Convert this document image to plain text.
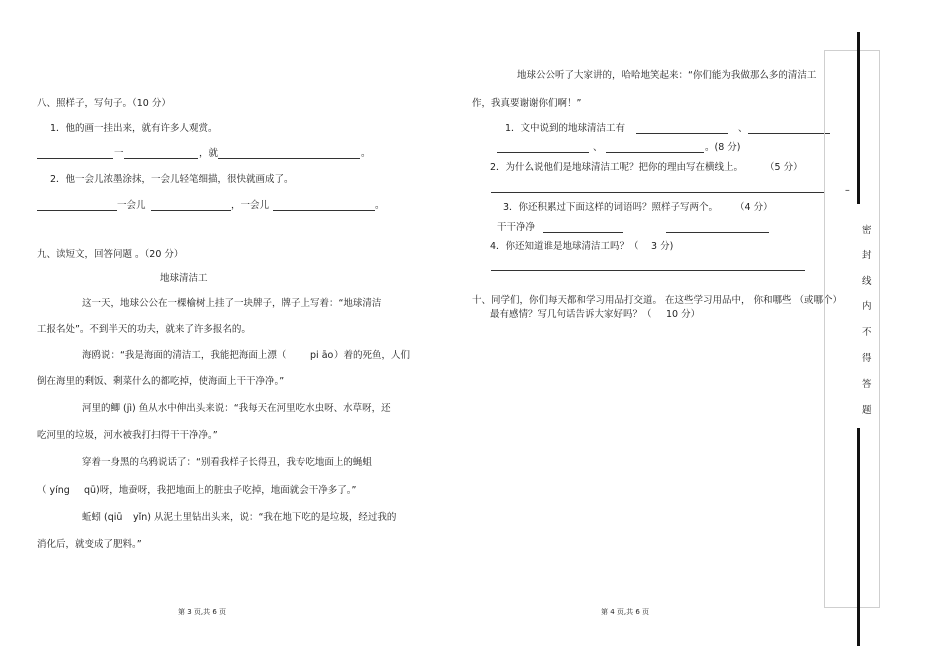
八、照样子，写句子。（10 分）
1．他的画一挂出来，就有许多人观赏。
一	，就	。
2．他一会儿浓墨涂抹，一会儿轻笔细描，很快就画成了。
一会儿	，一会儿	。
九、读短文，回答问题 。（20 分）
地球清洁工
这一天，地球公公在一棵榆树上挂了一块牌子，牌子上写着：“地球清洁
工报名处”。不到半天的功夫，就来了许多报名的。
海鸥说：“我是海面的清洁工，我能把海面上漂（ pi āo ）着的死鱼，人们
倒在海里的剩饭、剩菜什么的都吃掉，使海面上干干净净。”
河里的鲫 (jì) 鱼从水中伸出头来说：“我每天在河里吃水虫呀、水草呀，还
吃河里的垃圾，河水被我打扫得干干净净。”
穿着一身黑的乌鸦说话了：“别看我样子长得丑，我专吃地面上的蝇蛆
（ yíng qū)呀，地蚕呀，我把地面上的脏虫子吃掉，地面就会干净多了。”
蚯蚓 (qiū yǐn) 从泥土里钻出头来，说：“我在地下吃的是垃圾，经过我的
消化后，就变成了肥料。”
第 3 页,共 6 页
地球公公听了大家讲的，哈哈地笑起来：“你们能为我做那么多的清洁工
作，我真要谢谢你们啊！”
1．文中说到的地球清洁工有	、
、	。(8 分)
2．为什么说他们是地球清洁工呢？把你的理由写在横线上。 （5 分）
–
3．你还积累过下面这样的词语吗？照样子写两个。 （4 分）
干干净净
4．你还知道谁是地球清洁工吗？（ 3 分)
十、同学们，你们每天都和学习用品打交道。 在这些学习用品中， 你和哪些 （或哪个）
最有感情？写几句话告诉大家好吗？（ 10 分）
第 4 页,共 6 页
密
封
线
内
不
得
答
题
